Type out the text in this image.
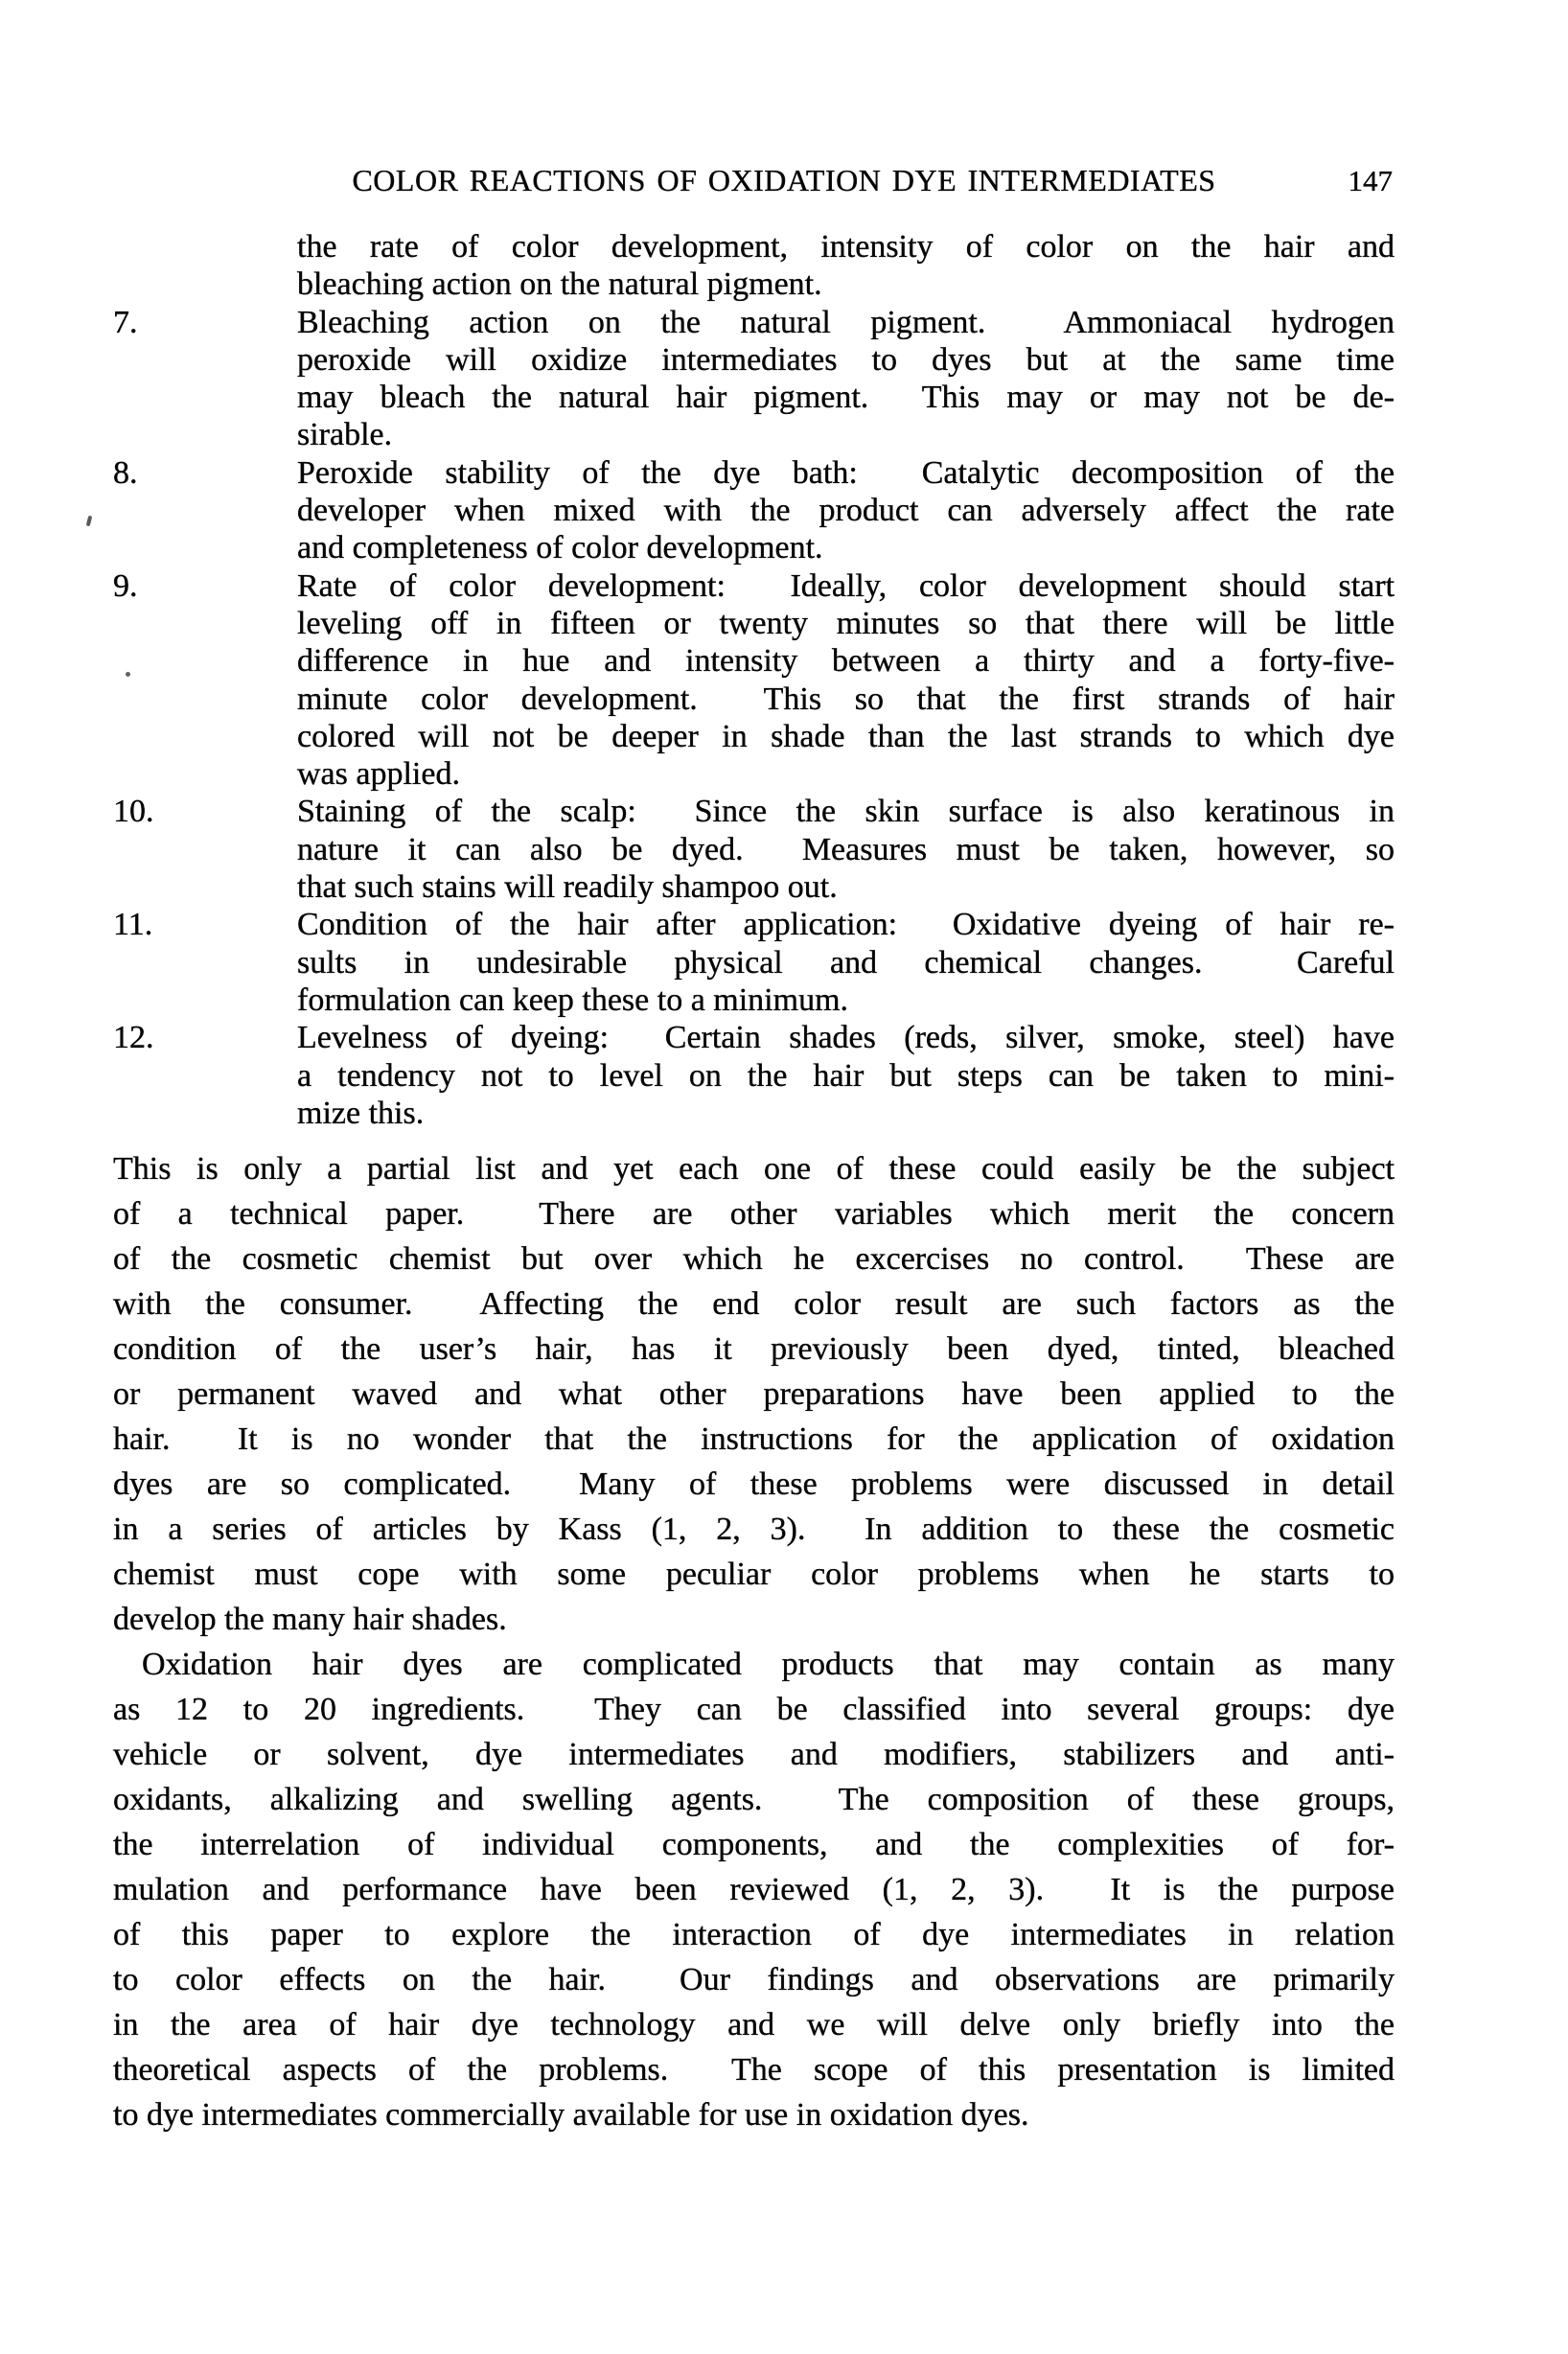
COLOR REACTIONS OF OXIDATION DYE INTERMEDIATES	147
the rate of color development, intensity of color on the hair and
bleaching action on the natural pigment.
7.	Bleaching action on the natural pigment.  Ammoniacal hydrogen
peroxide will oxidize intermediates to dyes but at the same time
may bleach the natural hair pigment.  This may or may not be de-
sirable.
8.	Peroxide stability of the dye bath:  Catalytic decomposition of the
developer when mixed with the product can adversely affect the rate
and completeness of color development.
9.	Rate of color development:  Ideally, color development should start
leveling off in fifteen or twenty minutes so that there will be little
difference in hue and intensity between a thirty and a forty-five-
minute color development.  This so that the first strands of hair
colored will not be deeper in shade than the last strands to which dye
was applied.
10.	Staining of the scalp:  Since the skin surface is also keratinous in
nature it can also be dyed.  Measures must be taken, however, so
that such stains will readily shampoo out.
11.	Condition of the hair after application:  Oxidative dyeing of hair re-
sults in undesirable physical and chemical changes.  Careful
formulation can keep these to a minimum.
12.	Levelness of dyeing:  Certain shades (reds, silver, smoke, steel) have
a tendency not to level on the hair but steps can be taken to mini-
mize this.
This is only a partial list and yet each one of these could easily be the subject
of a technical paper.  There are other variables which merit the concern
of the cosmetic chemist but over which he excercises no control.  These are
with the consumer.  Affecting the end color result are such factors as the
condition of the user’s hair, has it previously been dyed, tinted, bleached
or permanent waved and what other preparations have been applied to the
hair.  It is no wonder that the instructions for the application of oxidation
dyes are so complicated.  Many of these problems were discussed in detail
in a series of articles by Kass (1, 2, 3).  In addition to these the cosmetic
chemist must cope with some peculiar color problems when he starts to
develop the many hair shades.
Oxidation hair dyes are complicated products that may contain as many
as 12 to 20 ingredients.  They can be classified into several groups: dye
vehicle or solvent, dye intermediates and modifiers, stabilizers and anti-
oxidants, alkalizing and swelling agents.  The composition of these groups,
the interrelation of individual components, and the complexities of for-
mulation and performance have been reviewed (1, 2, 3).  It is the purpose
of this paper to explore the interaction of dye intermediates in relation
to color effects on the hair.  Our findings and observations are primarily
in the area of hair dye technology and we will delve only briefly into the
theoretical aspects of the problems.  The scope of this presentation is limited
to dye intermediates commercially available for use in oxidation dyes.
